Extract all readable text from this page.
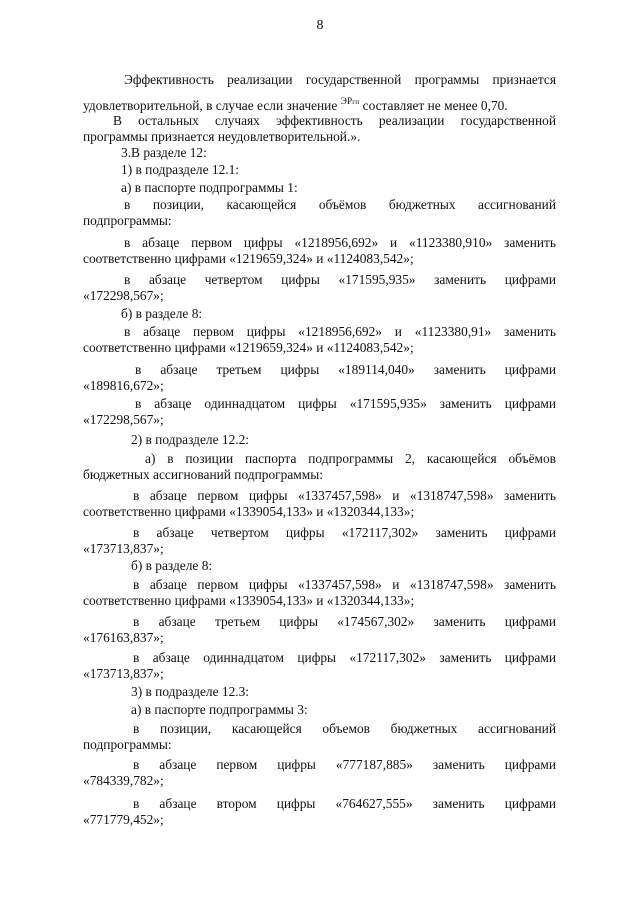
8
Эффективность реализации государственной программы признается
удовлетворительной, в случае если значение $^{ЭРгп}$ составляет не менее 0,70.
В остальных случаях эффективность реализации государственной
программы признается неудовлетворительной.».
3.В разделе 12:
1) в подразделе 12.1:
а) в паспорте подпрограммы 1:
в позиции, касающейся объёмов бюджетных ассигнований
подпрограммы:
в абзаце первом цифры «1218956,692» и «1123380,910» заменить
соответственно цифрами «1219659,324» и «1124083,542»;
в абзаце четвертом цифры «171595,935» заменить цифрами
«172298,567»;
б) в разделе 8:
в абзаце первом цифры «1218956,692» и «1123380,91» заменить
соответственно цифрами «1219659,324» и «1124083,542»;
в абзаце третьем цифры «189114,040» заменить цифрами
«189816,672»;
в абзаце одиннадцатом цифры «171595,935» заменить цифрами
«172298,567»;
2) в подразделе 12.2:
а) в позиции паспорта подпрограммы 2, касающейся объёмов
бюджетных ассигнований подпрограммы:
в абзаце первом цифры «1337457,598» и «1318747,598» заменить
соответственно цифрами «1339054,133» и «1320344,133»;
в абзаце четвертом цифры «172117,302» заменить цифрами
«173713,837»;
б) в разделе 8:
в абзаце первом цифры «1337457,598» и «1318747,598» заменить
соответственно цифрами «1339054,133» и «1320344,133»;
в абзаце третьем цифры «174567,302» заменить цифрами
«176163,837»;
в абзаце одиннадцатом цифры «172117,302» заменить цифрами
«173713,837»;
3) в подразделе 12.3:
а) в паспорте подпрограммы 3:
в позиции, касающейся объемов бюджетных ассигнований
подпрограммы:
в абзаце первом цифры «777187,885» заменить цифрами
«784339,782»;
в абзаце втором цифры «764627,555» заменить цифрами
«771779,452»;
